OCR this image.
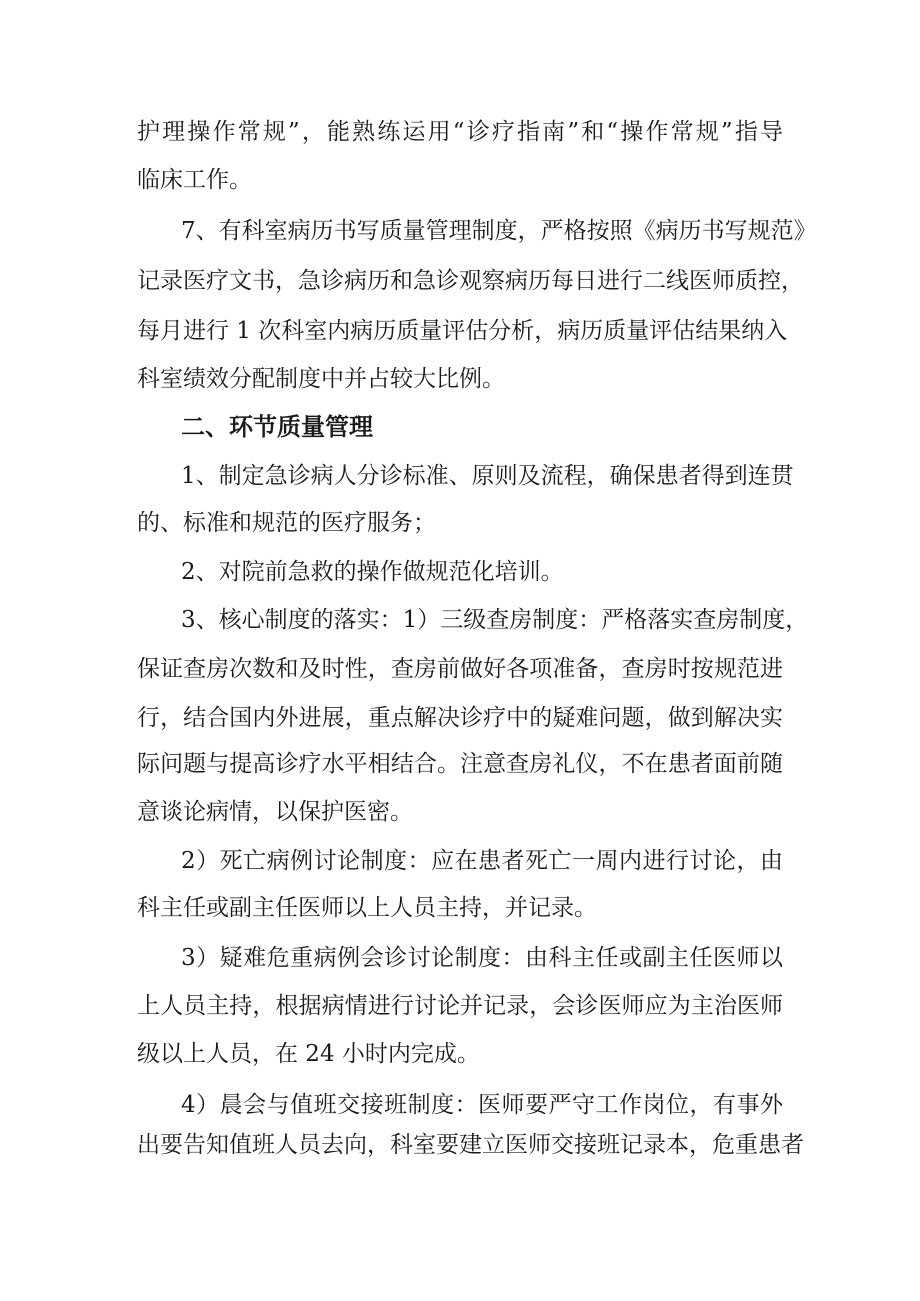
护理操作常规”，能熟练运用“诊疗指南”和“操作常规”指导

临床工作。

7、有科室病历书写质量管理制度，严格按照《病历书写规范》

记录医疗文书，急诊病历和急诊观察病历每日进行二线医师质控，

每月进行 1 次科室内病历质量评估分析，病历质量评估结果纳入

科室绩效分配制度中并占较大比例。

二、环节质量管理

1、制定急诊病人分诊标准、原则及流程，确保患者得到连贯

的、标准和规范的医疗服务；

2、对院前急救的操作做规范化培训。

3、核心制度的落实：1）三级查房制度：严格落实查房制度，

保证查房次数和及时性，查房前做好各项准备，查房时按规范进

行，结合国内外进展，重点解决诊疗中的疑难问题，做到解决实

际问题与提高诊疗水平相结合。注意查房礼仪，不在患者面前随

意谈论病情，以保护医密。

2）死亡病例讨论制度：应在患者死亡一周内进行讨论，由

科主任或副主任医师以上人员主持，并记录。

3）疑难危重病例会诊讨论制度：由科主任或副主任医师以

上人员主持，根据病情进行讨论并记录，会诊医师应为主治医师

级以上人员，在 24 小时内完成。

4）晨会与值班交接班制度：医师要严守工作岗位，有事外

出要告知值班人员去向，科室要建立医师交接班记录本，危重患者
